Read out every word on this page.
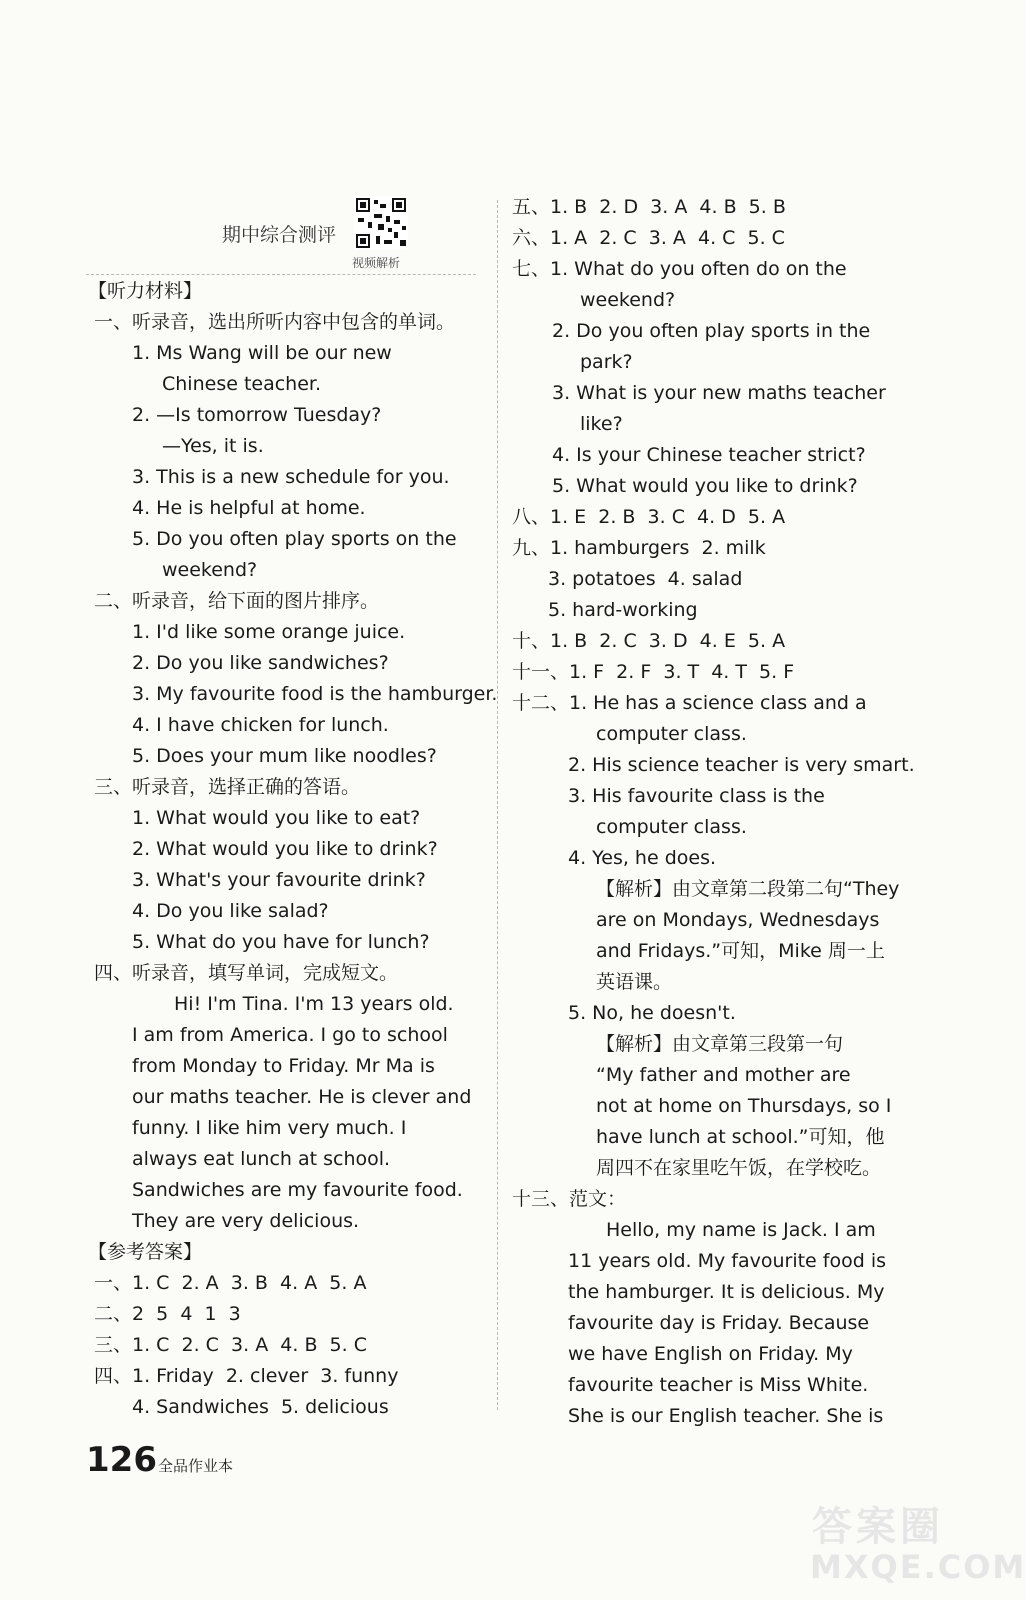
期中综合测评
视频解析
【听力材料】
一、听录音，选出所听内容中包含的单词。
1. Ms Wang will be our new
Chinese teacher.
2. —Is tomorrow Tuesday?
—Yes, it is.
3. This is a new schedule for you.
4. He is helpful at home.
5. Do you often play sports on the
weekend?
二、听录音，给下面的图片排序。
1. I'd like some orange juice.
2. Do you like sandwiches?
3. My favourite food is the hamburger.
4. I have chicken for lunch.
5. Does your mum like noodles?
三、听录音，选择正确的答语。
1. What would you like to eat?
2. What would you like to drink?
3. What's your favourite drink?
4. Do you like salad?
5. What do you have for lunch?
四、听录音，填写单词，完成短文。
Hi! I'm Tina. I'm 13 years old.
I am from America. I go to school
from Monday to Friday. Mr Ma is
our maths teacher. He is clever and
funny. I like him very much. I
always eat lunch at school.
Sandwiches are my favourite food.
They are very delicious.
【参考答案】
一、1. C  2. A  3. B  4. A  5. A
二、2  5  4  1  3
三、1. C  2. C  3. A  4. B  5. C
四、1. Friday  2. clever  3. funny
4. Sandwiches  5. delicious
五、1. B  2. D  3. A  4. B  5. B
六、1. A  2. C  3. A  4. C  5. C
七、1. What do you often do on the
weekend?
2. Do you often play sports in the
park?
3. What is your new maths teacher
like?
4. Is your Chinese teacher strict?
5. What would you like to drink?
八、1. E  2. B  3. C  4. D  5. A
九、1. hamburgers  2. milk
3. potatoes  4. salad
5. hard-working
十、1. B  2. C  3. D  4. E  5. A
十一、1. F  2. F  3. T  4. T  5. F
十二、1. He has a science class and a
computer class.
2. His science teacher is very smart.
3. His favourite class is the
computer class.
4. Yes, he does.
【解析】由文章第二段第二句“They
are on Mondays, Wednesdays
and Fridays.”可知，Mike 周一上
英语课。
5. No, he doesn't.
【解析】由文章第三段第一句
“My father and mother are
not at home on Thursdays, so I
have lunch at school.”可知，他
周四不在家里吃午饭，在学校吃。
十三、范文：
Hello, my name is Jack. I am
11 years old. My favourite food is
the hamburger. It is delicious. My
favourite day is Friday. Because
we have English on Friday. My
favourite teacher is Miss White.
She is our English teacher. She is
126 全品作业本
答案圈
MXQE.COM
